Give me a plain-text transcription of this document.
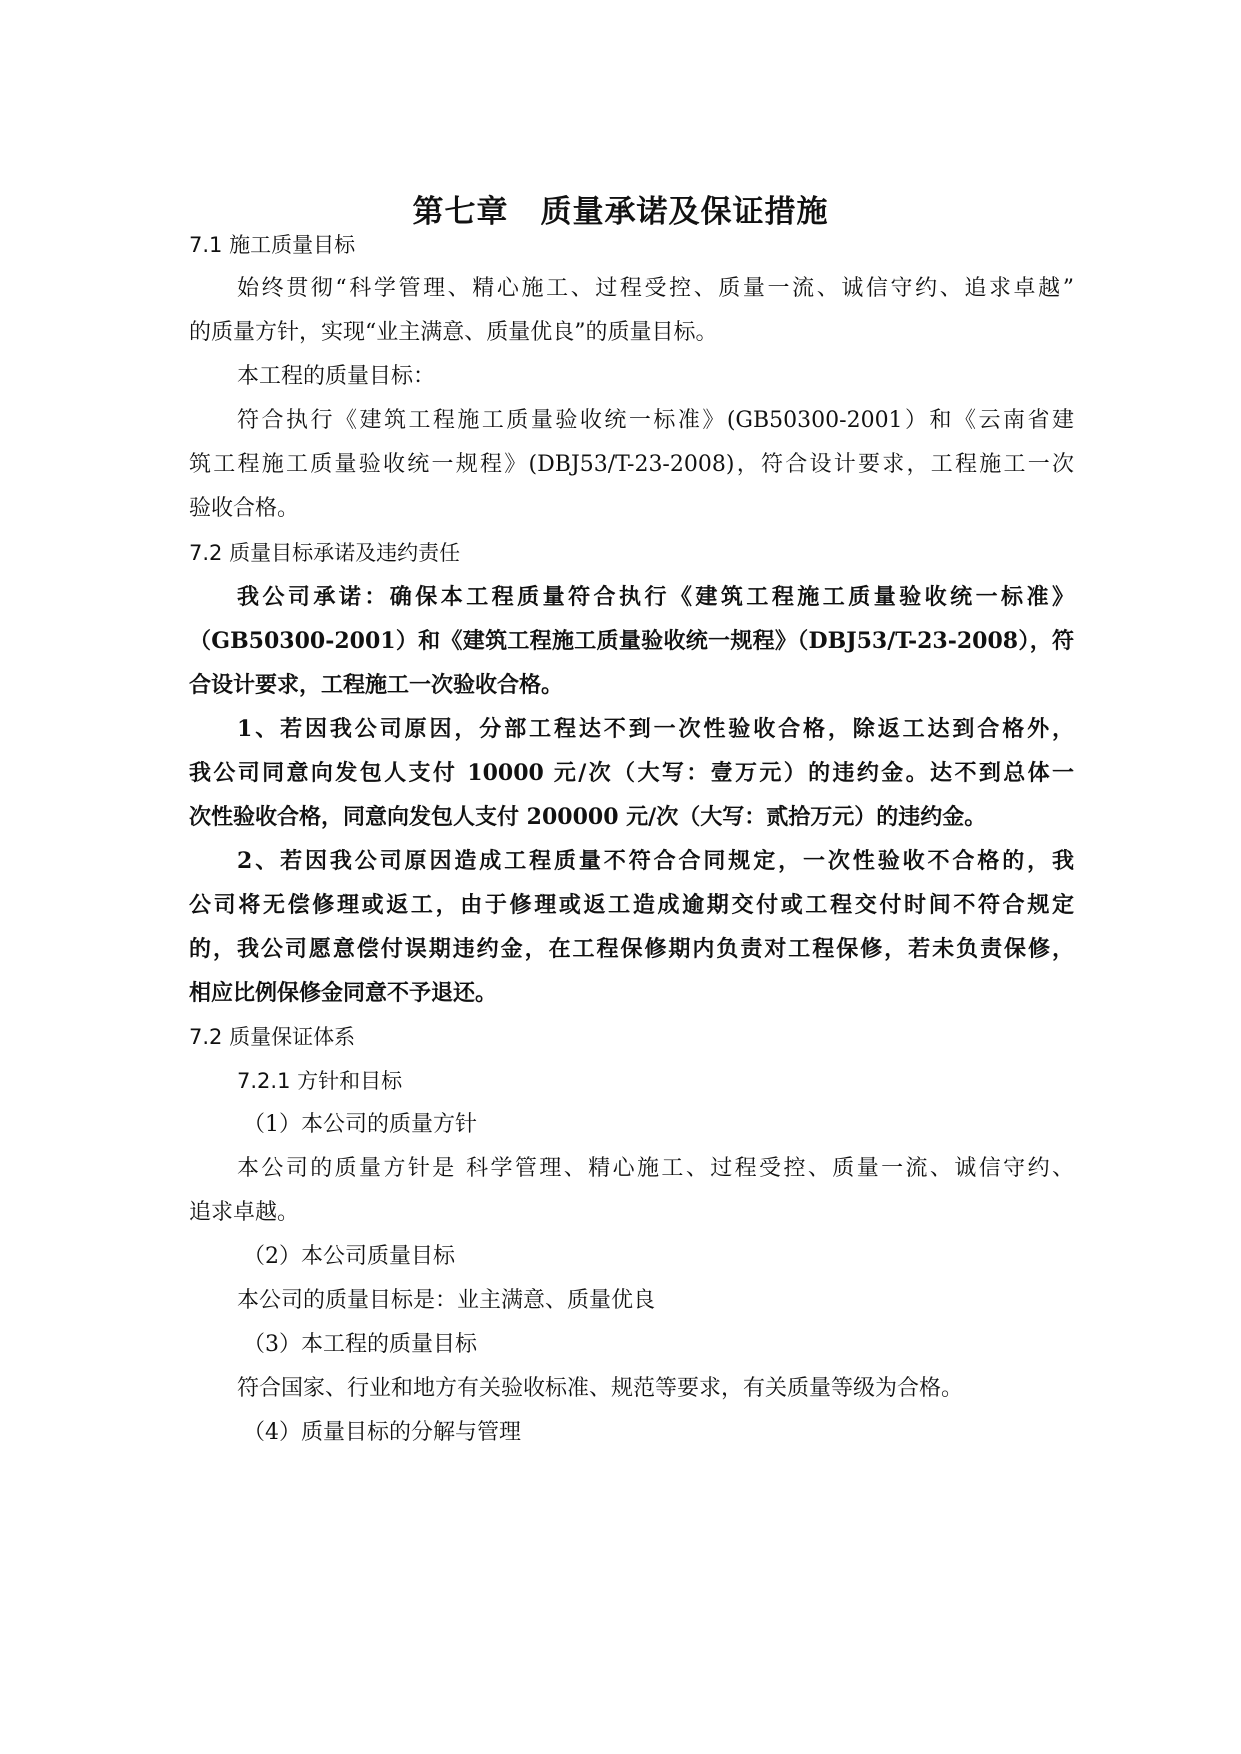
第七章　质量承诺及保证措施
7.1 施工质量目标
始终贯彻“科学管理、精心施工、过程受控、质量一流、诚信守约、追求卓越”
的质量方针，实现“业主满意、质量优良”的质量目标。
本工程的质量目标：
符合执行《建筑工程施工质量验收统一标准》(GB50300-2001）和《云南省建
筑工程施工质量验收统一规程》(DBJ53/T-23-2008)，符合设计要求，工程施工一次
验收合格。
7.2 质量目标承诺及违约责任
我公司承诺：确保本工程质量符合执行《建筑工程施工质量验收统一标准》
（GB50300-2001）和《建筑工程施工质量验收统一规程》（DBJ53/T-23-2008），符
合设计要求，工程施工一次验收合格。
1、若因我公司原因，分部工程达不到一次性验收合格，除返工达到合格外，
我公司同意向发包人支付 10000 元/次（大写：壹万元）的违约金。达不到总体一
次性验收合格，同意向发包人支付 200000 元/次（大写：贰拾万元）的违约金。
2、若因我公司原因造成工程质量不符合合同规定，一次性验收不合格的，我
公司将无偿修理或返工，由于修理或返工造成逾期交付或工程交付时间不符合规定
的，我公司愿意偿付误期违约金，在工程保修期内负责对工程保修，若未负责保修，
相应比例保修金同意不予退还。
7.2 质量保证体系
7.2.1 方针和目标
（1）本公司的质量方针
本公司的质量方针是 科学管理、精心施工、过程受控、质量一流、诚信守约、
追求卓越。
（2）本公司质量目标
本公司的质量目标是：业主满意、质量优良
（3）本工程的质量目标
符合国家、行业和地方有关验收标准、规范等要求，有关质量等级为合格。
（4）质量目标的分解与管理
